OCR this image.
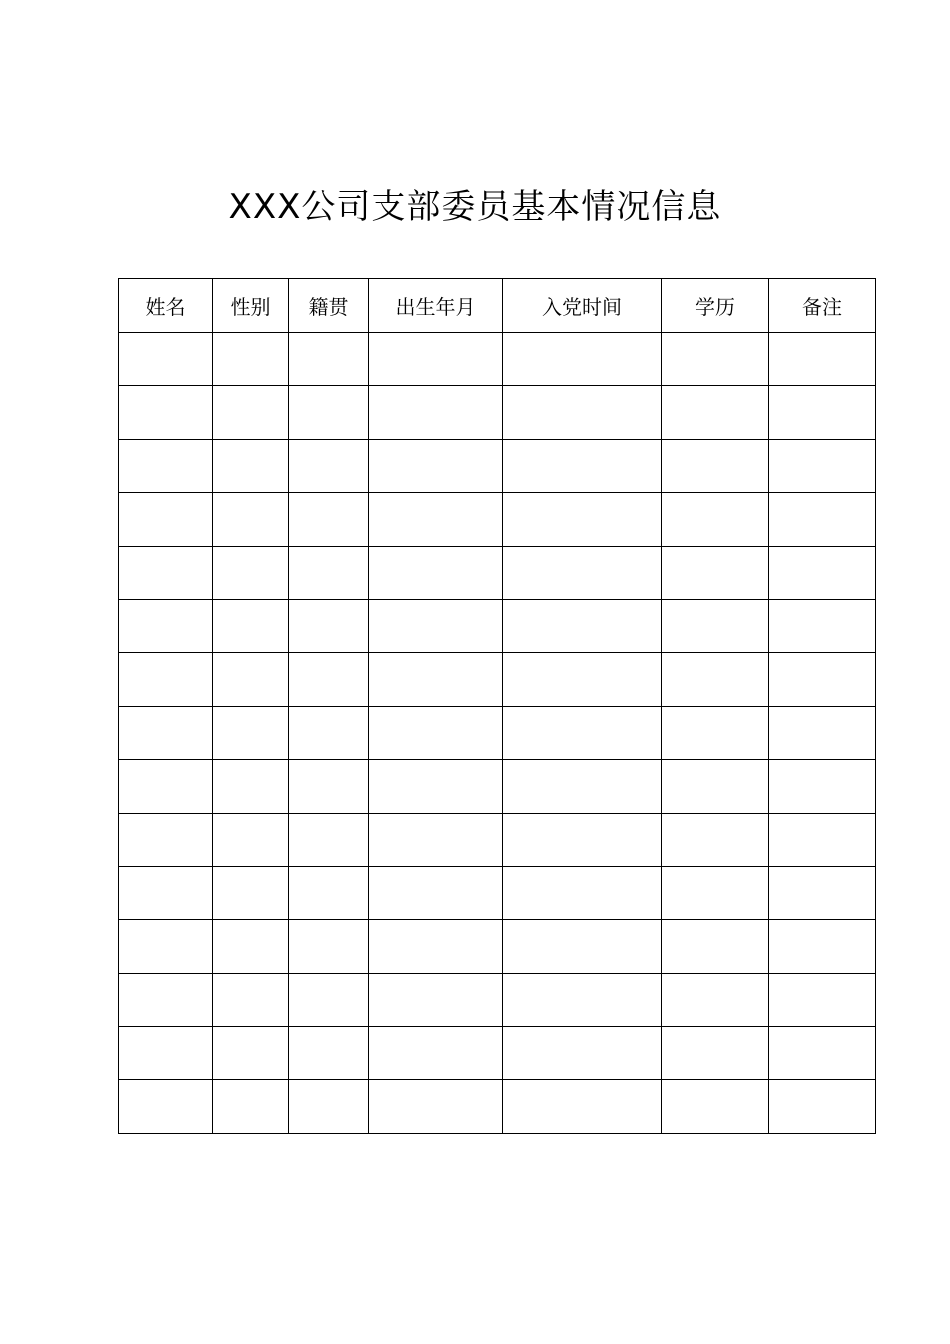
XXX公司支部委员基本情况信息
姓名	性别	籍贯	出生年月	入党时间	学历	备注
